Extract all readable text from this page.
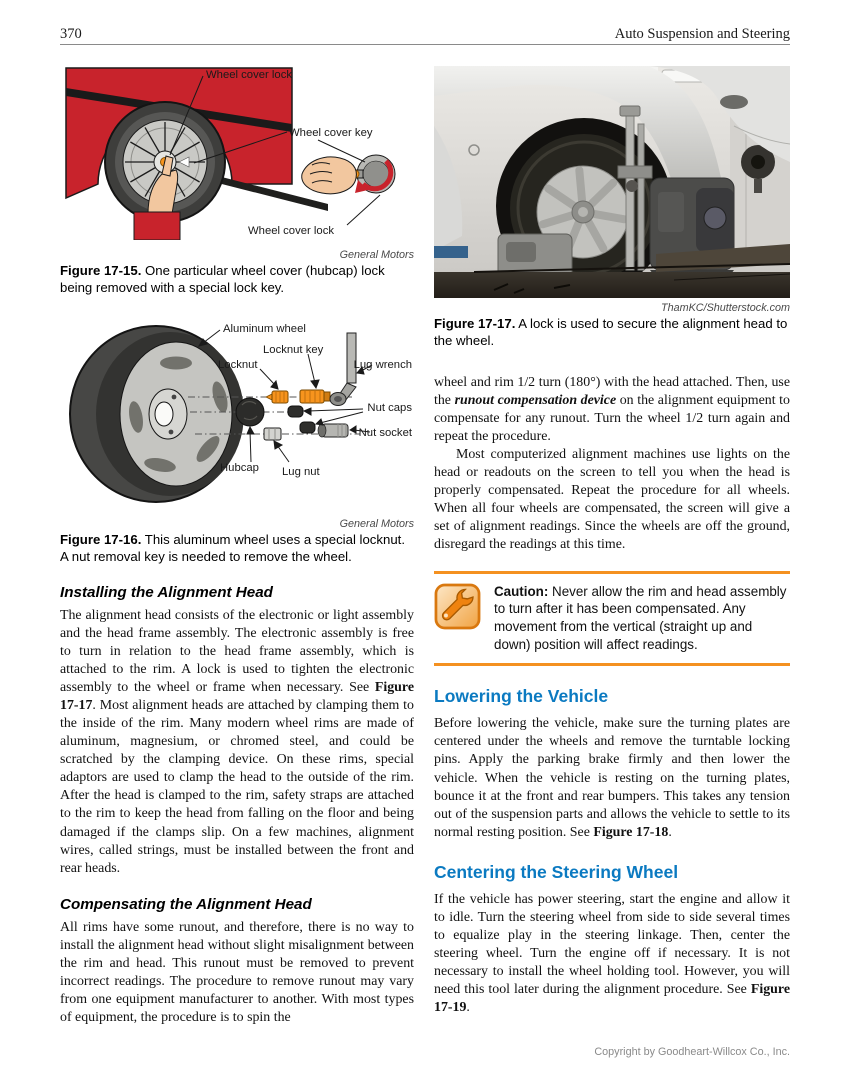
370	Auto Suspension and Steering
Wheel cover lock
Wheel cover key
Wheel cover lock
General Motors
Figure 17-15. One particular wheel cover (hubcap) lock being removed with a special lock key.
Aluminum wheel
Locknut key
Locknut	Lug wrench
Nut caps
Nut socket
Hubcap Lug nut
General Motors
Figure 17-16. This aluminum wheel uses a special locknut. A nut removal key is needed to remove the wheel.
Installing the Alignment Head

The alignment head consists of the electronic or light assembly and the head frame assembly. The electronic assembly is free to turn in relation to the head frame assembly, which is attached to the rim. A lock is used to tighten the electronic assembly to the wheel or frame when necessary. See Figure 17-17. Most alignment heads are attached by clamping them to the inside of the rim. Many modern wheel rims are made of aluminum, magnesium, or chromed steel, and could be scratched by the clamping device. On these rims, special adaptors are used to clamp the head to the outside of the rim. After the head is clamped to the rim, safety straps are attached to the rim to keep the head from falling on the floor and being damaged if the clamps slip. On a few machines, alignment wires, called strings, must be installed between the front and rear heads.

Compensating the Alignment Head

All rims have some runout, and therefore, there is no way to install the alignment head without slight misalignment between the rim and head. This runout must be removed to prevent incorrect readings. The procedure to remove runout may vary from one equipment manufacturer to another. With most types of equipment, the procedure is to spin the

ThamKC/Shutterstock.com
Figure 17-17. A lock is used to secure the alignment head to the wheel.

wheel and rim 1/2 turn (180°) with the head attached. Then, use the runout compensation device on the alignment equipment to compensate for any runout. Turn the wheel 1/2 turn again and repeat the procedure.

Most computerized alignment machines use lights on the head or readouts on the screen to tell you when the head is properly compensated. Repeat the procedure for all wheels. When all four wheels are compensated, the screen will give a set of alignment readings. Since the wheels are off the ground, disregard the readings at this time.

Caution: Never allow the rim and head assembly to turn after it has been compensated. Any movement from the vertical (straight up and down) position will affect readings.

Lowering the Vehicle

Before lowering the vehicle, make sure the turning plates are centered under the wheels and remove the turntable locking pins. Apply the parking brake firmly and then lower the vehicle. When the vehicle is resting on the turning plates, bounce it at the front and rear bumpers. This takes any tension out of the suspension parts and allows the vehicle to settle to its normal resting position. See Figure 17-18.

Centering the Steering Wheel

If the vehicle has power steering, start the engine and allow it to idle. Turn the steering wheel from side to side several times to equalize play in the steering linkage. Then, center the steering wheel. Turn the engine off if necessary. It is not necessary to install the wheel holding tool. However, you will need this tool later during the alignment procedure. See Figure 17-19.

Copyright by Goodheart-Willcox Co., Inc.
